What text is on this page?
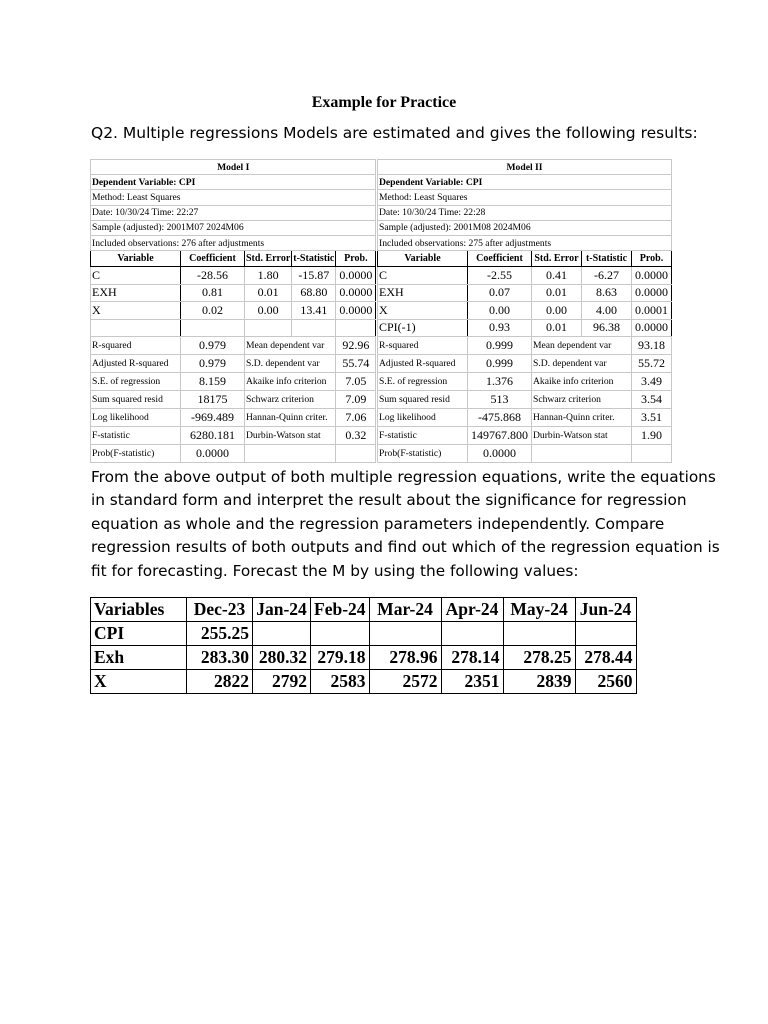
Example for Practice
Q2. Multiple regressions Models are estimated and gives the following results:
Model I				
Dependent Variable: CPI				
Method: Least Squares				
Date: 10/30/24 Time: 22:27				
Sample (adjusted): 2001M07 2024M06				
Included observations: 276 after adjustments				
Variable	Coefficient	Std. Error	t-Statistic	Prob.
C	-28.56	1.80	-15.87	0.0000
EXH	0.81	0.01	68.80	0.0000
X	0.02	0.00	13.41	0.0000

R-squared	0.979	Mean dependent var		92.96
Adjusted R-squared	0.979	S.D. dependent var		55.74
S.E. of regression	8.159	Akaike info criterion		7.05
Sum squared resid	18175	Schwarz criterion		7.09
Log likelihood	-969.489	Hannan-Quinn criter.		7.06
F-statistic	6280.181	Durbin-Watson stat		0.32
Prob(F-statistic)	0.0000			
Model II				
Dependent Variable: CPI				
Method: Least Squares				
Date: 10/30/24 Time: 22:28				
Sample (adjusted): 2001M08 2024M06				
Included observations: 275 after adjustments				
Variable	Coefficient	Std. Error	t-Statistic	Prob.
C	-2.55	0.41	-6.27	0.0000
EXH	0.07	0.01	8.63	0.0000
X	0.00	0.00	4.00	0.0001
CPI(-1)	0.93	0.01	96.38	0.0000
R-squared	0.999	Mean dependent var		93.18
Adjusted R-squared	0.999	S.D. dependent var		55.72
S.E. of regression	1.376	Akaike info criterion		3.49
Sum squared resid	513	Schwarz criterion		3.54
Log likelihood	-475.868	Hannan-Quinn criter.		3.51
F-statistic	149767.800	Durbin-Watson stat		1.90
Prob(F-statistic)	0.0000			
From the above output of both multiple regression equations, write the equations
in standard form and interpret the result about the significance for regression
equation as whole and the regression parameters independently. Compare
regression results of both outputs and find out which of the regression equation is
fit for forecasting. Forecast the M by using the following values:
Variables	Dec-23	Jan-24	Feb-24	Mar-24	Apr-24	May-24	Jun-24
CPI	255.25						
Exh	283.30	280.32	279.18	278.96	278.14	278.25	278.44
X	2822	2792	2583	2572	2351	2839	2560
